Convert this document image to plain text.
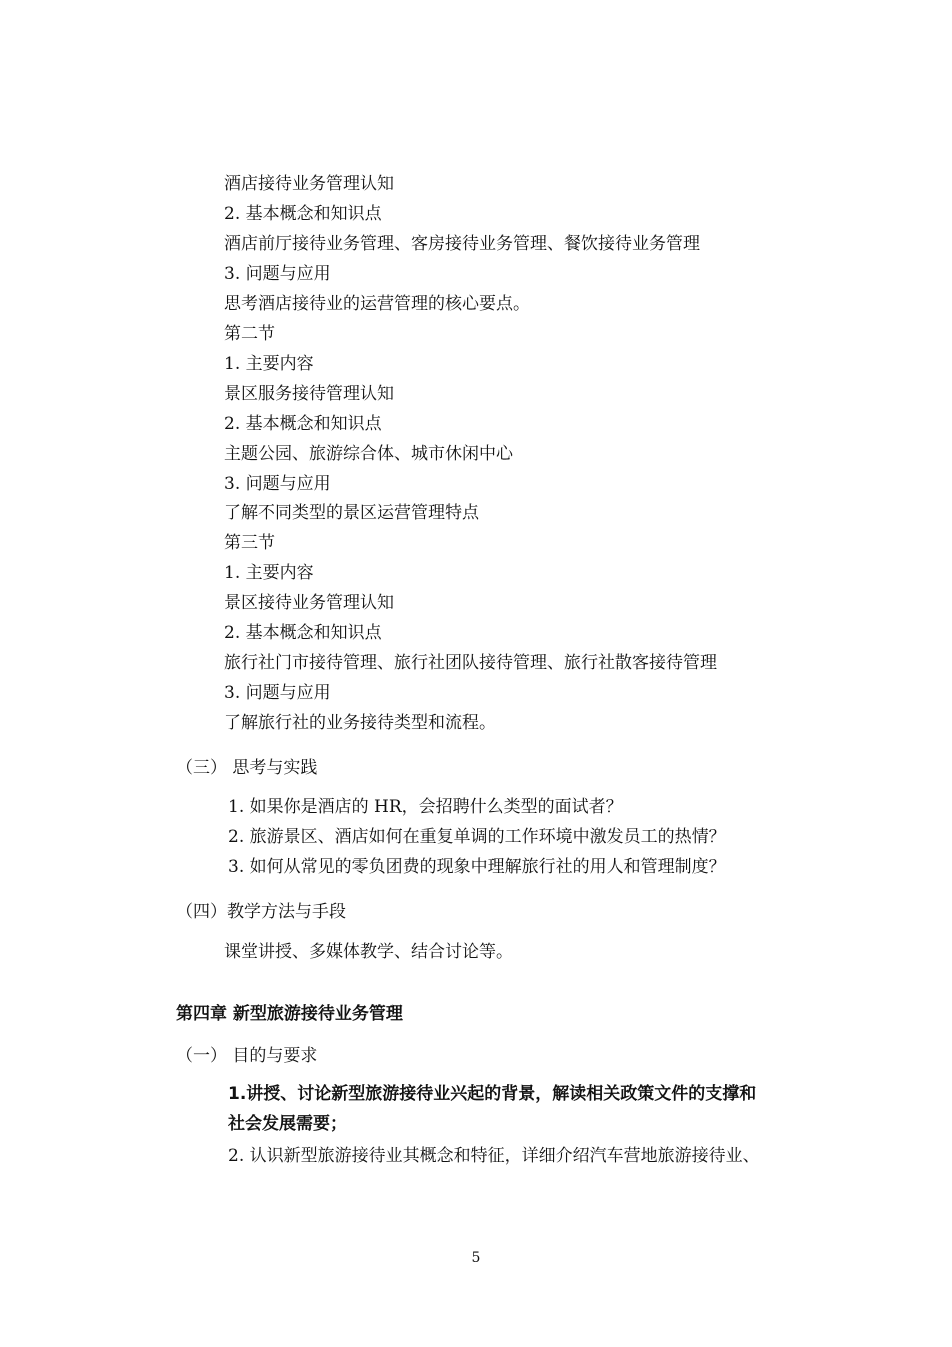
酒店接待业务管理认知
2. 基本概念和知识点
酒店前厅接待业务管理、客房接待业务管理、餐饮接待业务管理
3. 问题与应用
思考酒店接待业的运营管理的核心要点。
第二节
1. 主要内容
景区服务接待管理认知
2. 基本概念和知识点
主题公园、旅游综合体、城市休闲中心
3. 问题与应用
了解不同类型的景区运营管理特点
第三节
1. 主要内容
景区接待业务管理认知
2. 基本概念和知识点
旅行社门市接待管理、旅行社团队接待管理、旅行社散客接待管理
3. 问题与应用
了解旅行社的业务接待类型和流程。
（三） 思考与实践
1. 如果你是酒店的 HR，会招聘什么类型的面试者？
2. 旅游景区、酒店如何在重复单调的工作环境中激发员工的热情？
3. 如何从常见的零负团费的现象中理解旅行社的用人和管理制度？
（四）教学方法与手段
课堂讲授、多媒体教学、结合讨论等。
第四章 新型旅游接待业务管理
（一） 目的与要求
1.讲授、讨论新型旅游接待业兴起的背景，解读相关政策文件的支撑和
社会发展需要；
2. 认识新型旅游接待业其概念和特征，详细介绍汽车营地旅游接待业、
5
